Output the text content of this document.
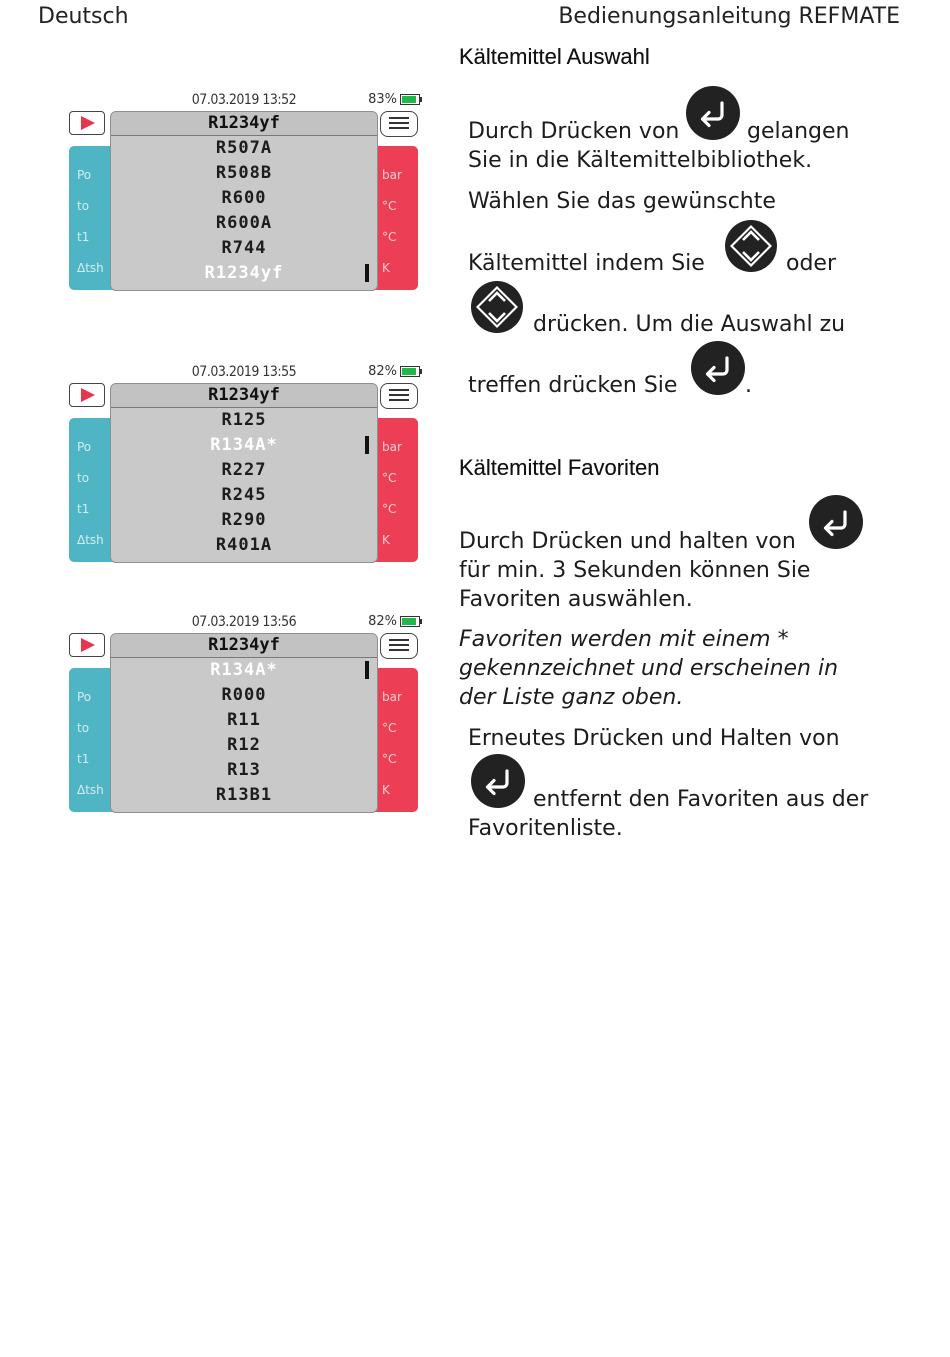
Deutsch	Bedienungsanleitung REFMATE
07.03.2019 13:52	83%
Po
to
t1
Δtsh
bar
°C
°C
K
R1234yf
R507A
R508B
R600
R600A
R744
R1234yf
07.03.2019 13:55	82%
Po
to
t1
Δtsh
bar
°C
°C
K
R1234yf
R125
R134A*
R227
R245
R290
R401A
07.03.2019 13:56	82%
Po
to
t1
Δtsh
bar
°C
°C
K
R1234yf
R134A*
R000
R11
R12
R13
R13B1
Kältemittel Auswahl
Durch Drücken von	gelangen
Sie in die Kältemittelbibliothek.
Wählen Sie das gewünschte
Kältemittel indem Sie	oder
drücken. Um die Auswahl zu
treffen drücken Sie	.
Kältemittel Favoriten
Durch Drücken und halten von
für min. 3 Sekunden können Sie
Favoriten auswählen.
Favoriten werden mit einem *
gekennzeichnet und erscheinen in
der Liste ganz oben.
Erneutes Drücken und Halten von
entfernt den Favoriten aus der
Favoritenliste.
